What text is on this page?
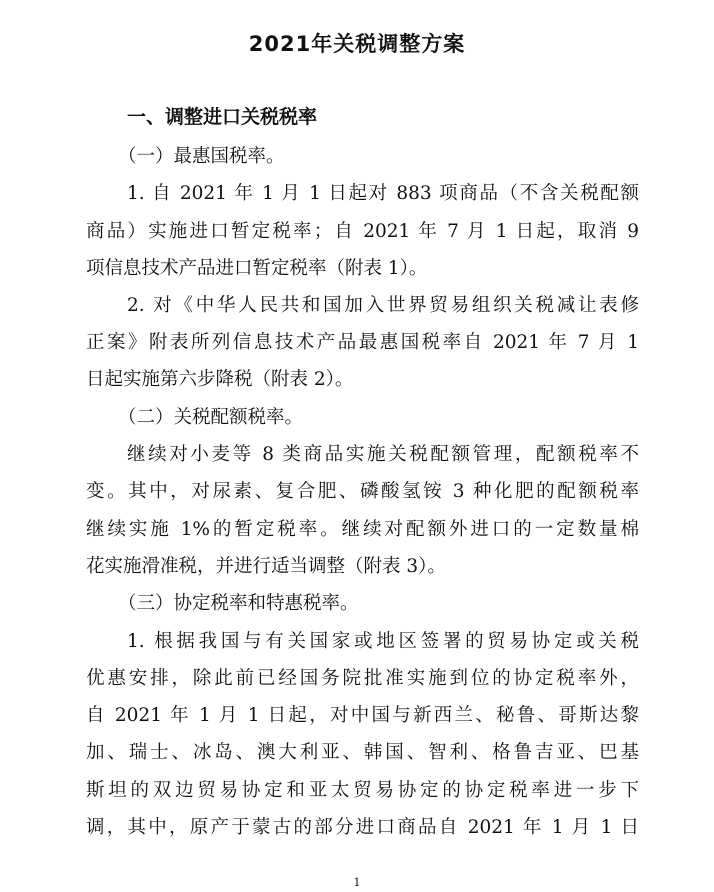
2021年关税调整方案
一、调整进口关税税率
（一）最惠国税率。
1. 自 2021 年 1 月 1 日起对 883 项商品（不含关税配额
商品）实施进口暂定税率；自 2021 年 7 月 1 日起，取消 9
项信息技术产品进口暂定税率（附表 1）。
2. 对《中华人民共和国加入世界贸易组织关税减让表修
正案》附表所列信息技术产品最惠国税率自 2021 年 7 月 1
日起实施第六步降税（附表 2）。
（二）关税配额税率。
继续对小麦等 8 类商品实施关税配额管理，配额税率不
变。其中，对尿素、复合肥、磷酸氢铵 3 种化肥的配额税率
继续实施 1%的暂定税率。继续对配额外进口的一定数量棉
花实施滑准税，并进行适当调整（附表 3）。
（三）协定税率和特惠税率。
1. 根据我国与有关国家或地区签署的贸易协定或关税
优惠安排，除此前已经国务院批准实施到位的协定税率外，
自 2021 年 1 月 1 日起，对中国与新西兰、秘鲁、哥斯达黎
加、瑞士、冰岛、澳大利亚、韩国、智利、格鲁吉亚、巴基
斯坦的双边贸易协定和亚太贸易协定的协定税率进一步下
调，其中，原产于蒙古的部分进口商品自 2021 年 1 月 1 日
1
